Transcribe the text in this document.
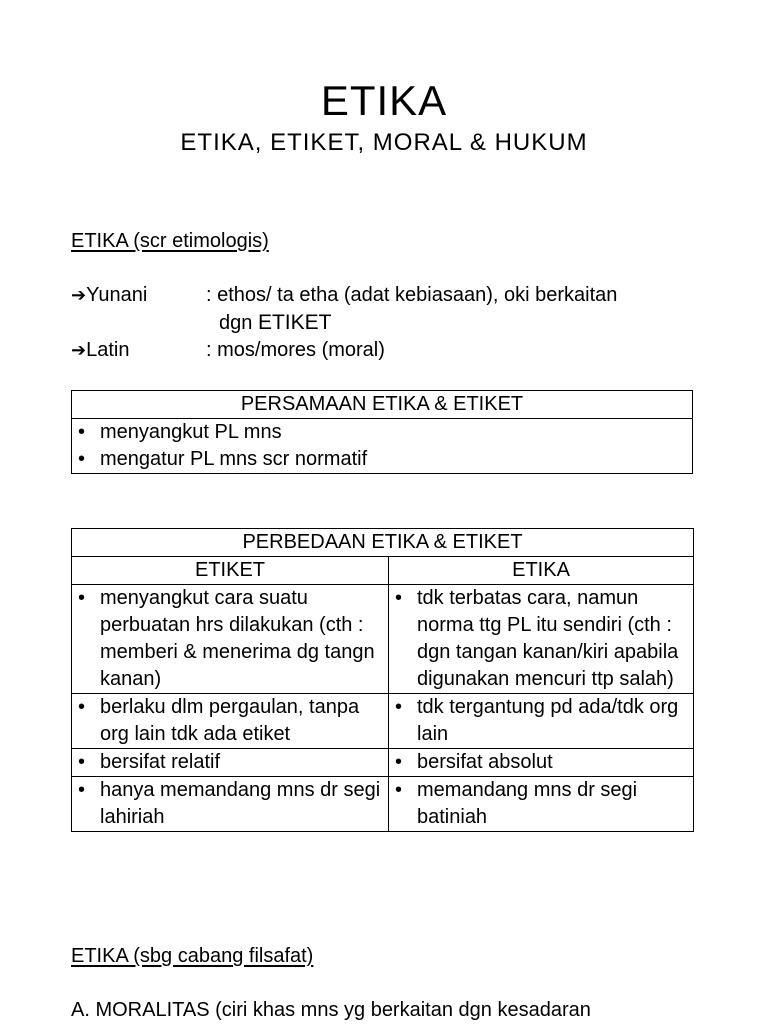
ETIKA
ETIKA, ETIKET, MORAL & HUKUM
ETIKA (scr etimologis)
➔Yunani	: ethos/ ta etha (adat kebiasaan), oki berkaitan
dgn ETIKET
➔Latin	: mos/mores (moral)
PERSAMAAN ETIKA & ETIKET

• menyangkut PL mns
• mengatur PL mns scr normatif
PERBEDAAN ETIKA & ETIKET	
ETIKET	ETIKA

• menyangkut cara suatu perbuatan hrs dilakukan (cth : memberi & menerima dg tangn kanan)	• tdk terbatas cara, namun norma ttg PL itu sendiri (cth : dgn tangan kanan/kiri apabila digunakan mencuri ttp salah)

• berlaku dlm pergaulan, tanpa org lain tdk ada etiket	• tdk tergantung pd ada/tdk org lain

• bersifat relatif	• bersifat absolut

• hanya memandang mns dr segi lahiriah	• memandang mns dr segi batiniah
ETIKA (sbg cabang filsafat)
A. MORALITAS (ciri khas mns yg berkaitan dgn kesadaran
